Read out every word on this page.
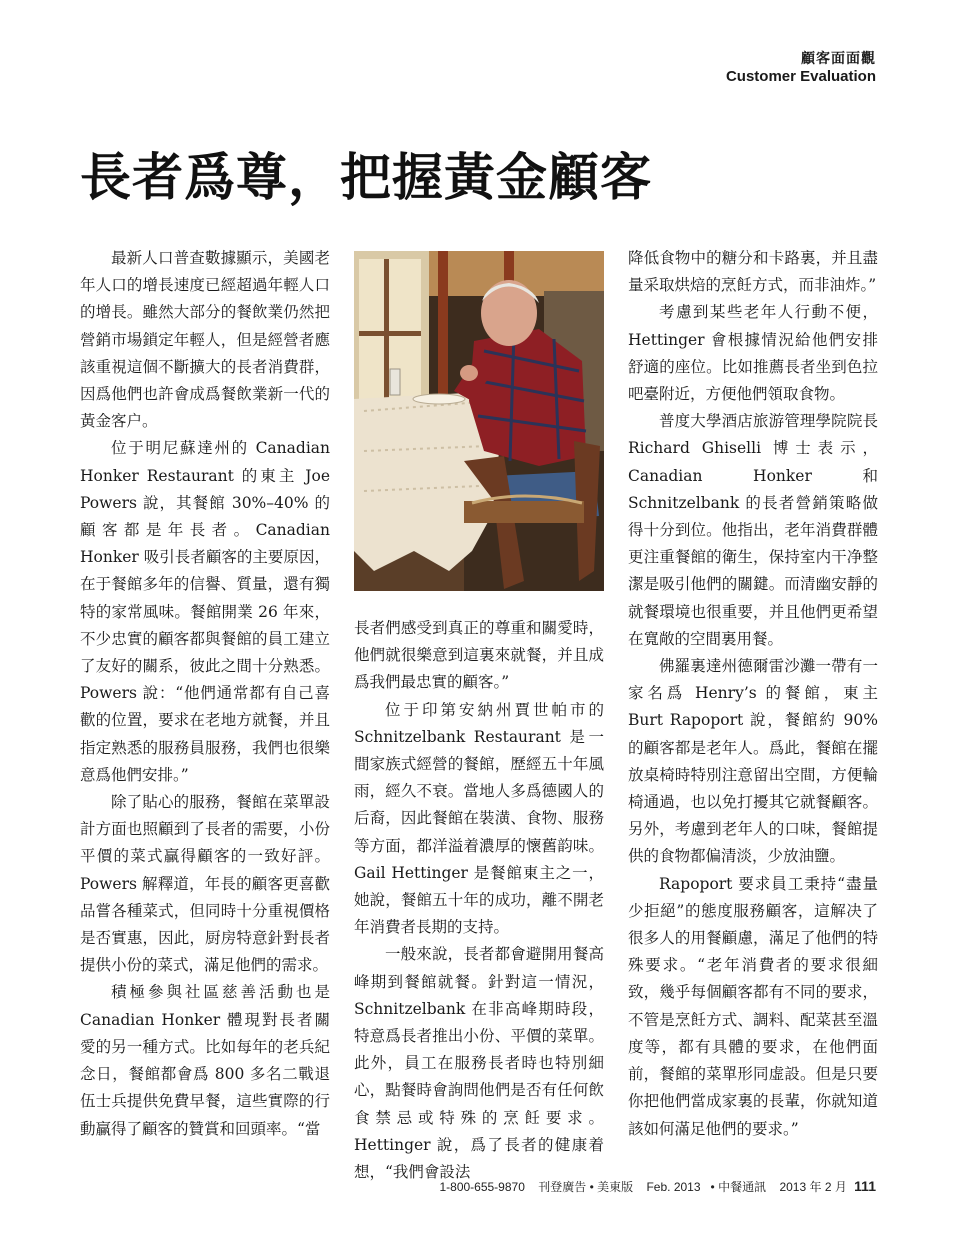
顧客面面觀
Customer Evaluation
長者爲尊，把握黃金顧客

最新人口普查數據顯示，美國老年人口的增長速度已經超過年輕人口的增長。雖然大部分的餐飲業仍然把營銷市場鎖定年輕人，但是經營者應該重視這個不斷擴大的長者消費群，因爲他們也許會成爲餐飲業新一代的黃金客户。

位于明尼蘇達州的 Canadian Honker Restaurant 的東主 Joe Powers 說，其餐館 30%–40% 的顧客都是年長者。Canadian Honker 吸引長者顧客的主要原因，在于餐館多年的信譽、質量，還有獨特的家常風味。餐館開業 26 年來，不少忠實的顧客都與餐館的員工建立了友好的關系，彼此之間十分熟悉。Powers 說：“他們通常都有自己喜歡的位置，要求在老地方就餐，并且指定熟悉的服務員服務，我們也很樂意爲他們安排。”

除了貼心的服務，餐館在菜單設計方面也照顧到了長者的需要，小份平價的菜式贏得顧客的一致好評。Powers 解釋道，年長的顧客更喜歡品嘗各種菜式，但同時十分重視價格是否實惠，因此，厨房特意針對長者提供小份的菜式，滿足他們的需求。

積極參與社區慈善活動也是 Canadian Honker 體現對長者關愛的另一種方式。比如每年的老兵紀念日，餐館都會爲 800 多名二戰退伍士兵提供免費早餐，這些實際的行動贏得了顧客的贊賞和回頭率。“當

長者們感受到真正的尊重和關愛時，他們就很樂意到這裏來就餐，并且成爲我們最忠實的顧客。”

位于印第安納州賈世帕市的 Schnitzelbank Restaurant 是一間家族式經營的餐館，歷經五十年風雨，經久不衰。當地人多爲德國人的后裔，因此餐館在裝潢、食物、服務等方面，都洋溢着濃厚的懷舊韵味。Gail Hettinger 是餐館東主之一，她說，餐館五十年的成功，離不開老年消費者長期的支持。

一般來說，長者都會避開用餐高峰期到餐館就餐。針對這一情況，Schnitzelbank 在非高峰期時段，特意爲長者推出小份、平價的菜單。此外，員工在服務長者時也特別細心，點餐時會詢問他們是否有任何飲食禁忌或特殊的烹飪要求。Hettinger 說，爲了長者的健康着想，“我們會設法

降低食物中的糖分和卡路裏，并且盡量采取烘焙的烹飪方式，而非油炸。”

考慮到某些老年人行動不便，Hettinger 會根據情況給他們安排舒適的座位。比如推薦長者坐到色拉吧臺附近，方便他們領取食物。

普度大學酒店旅游管理學院院長 Richard Ghiselli 博士表示，Canadian Honker 和 Schnitzelbank 的長者營銷策略做得十分到位。他指出，老年消費群體更注重餐館的衛生，保持室内干净整潔是吸引他們的關鍵。而清幽安靜的就餐環境也很重要，并且他們更希望在寬敞的空間裏用餐。

佛羅裏達州德爾雷沙灘一帶有一家名爲 Henry’s 的餐館，東主 Burt Rapoport 說，餐館約 90% 的顧客都是老年人。爲此，餐館在擺放桌椅時特別注意留出空間，方便輪椅通過，也以免打擾其它就餐顧客。另外，考慮到老年人的口味，餐館提供的食物都偏清淡，少放油鹽。

Rapoport 要求員工秉持“盡量少拒絕”的態度服務顧客，這解决了很多人的用餐顧慮，滿足了他們的特殊要求。“老年消費者的要求很細致，幾乎每個顧客都有不同的要求，不管是烹飪方式、調料、配菜甚至溫度等，都有具體的要求，在他們面前，餐館的菜單形同虚設。但是只要你把他們當成家裏的長輩，你就知道該如何滿足他們的要求。”

1-800-655-9870 刊登廣告 • 美東版 Feb. 2013 • 中餐通訊 2013 年 2 月 111
